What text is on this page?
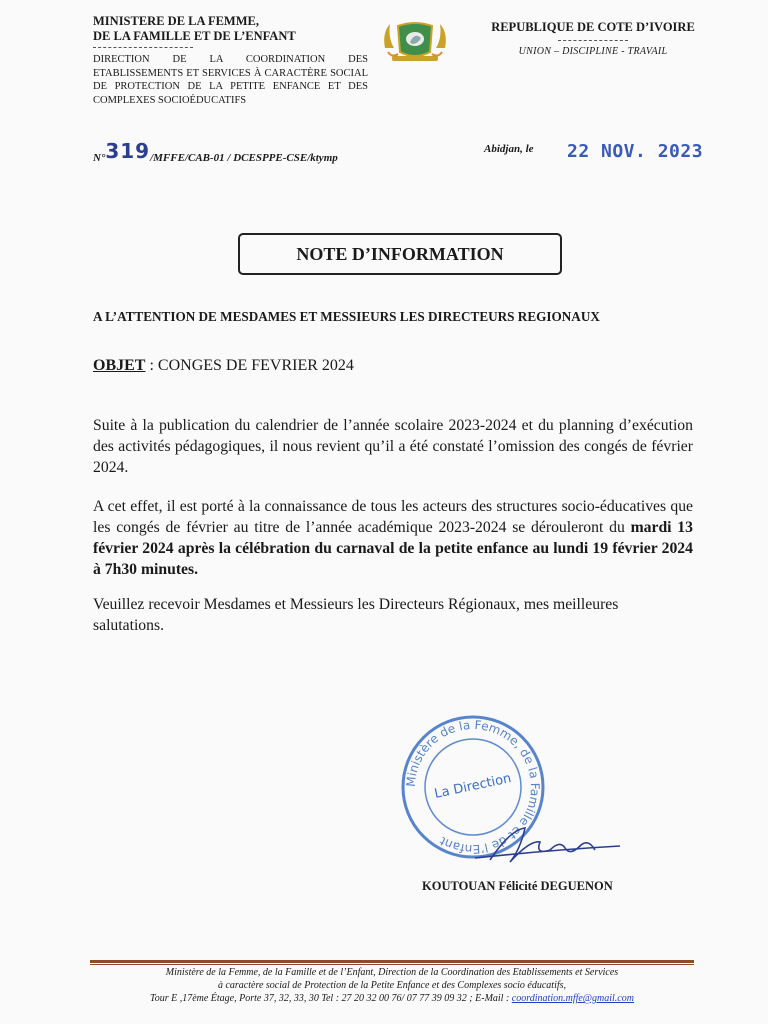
MINISTERE DE LA FEMME,
DE LA FAMILLE ET DE L’ENFANT
DIRECTION DE LA COORDINATION DES ETABLISSEMENTS ET SERVICES À CARACTÈRE SOCIAL DE PROTECTION DE LA PETITE ENFANCE ET DES COMPLEXES SOCIOÉDUCATIFS
REPUBLIQUE DE COTE D’IVOIRE
UNION – DISCIPLINE - TRAVAIL
N°319/MFFE/CAB-01 / DCESPPE-CSE/ktymp
Abidjan, le 22 NOV. 2023
NOTE D’INFORMATION
A L’ATTENTION DE MESDAMES ET MESSIEURS LES DIRECTEURS REGIONAUX
OBJET : CONGES DE FEVRIER 2024
Suite à la publication du calendrier de l’année scolaire 2023-2024 et du planning d’exécution des activités pédagogiques, il nous revient qu’il a été constaté l’omission des congés de février 2024.
A cet effet, il est porté à la connaissance de tous les acteurs des structures socio-éducatives que les congés de février au titre de l’année académique 2023-2024 se dérouleront du mardi 13 février 2024 après la célébration du carnaval de la petite enfance au lundi 19 février 2024 à 7h30 minutes.
Veuillez recevoir Mesdames et Messieurs les Directeurs Régionaux, mes meilleures salutations.
Ministère de la Femme, de la Famille et de l’Enfant
La Direction
KOUTOUAN Félicité DEGUENON
Ministère de la Femme, de la Famille et de l’Enfant, Direction de la Coordination des Etablissements et Services
à caractère social de Protection de la Petite Enfance et des Complexes socio éducatifs,
Tour E ,17ème Étage, Porte 37, 32, 33, 30 Tel : 27 20 32 00 76/ 07 77 39 09 32 ; E-Mail : coordination.mffe@gmail.com
